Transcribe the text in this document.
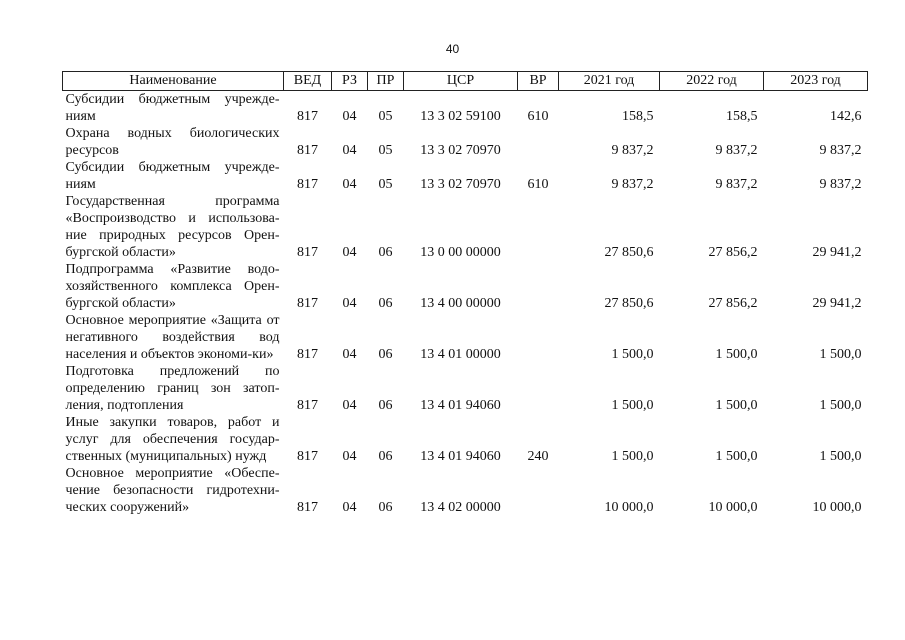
40
Наименование	ВЕД	РЗ	ПР	ЦСР	ВР	2021 год	2022 год	2023 год
Субсидии бюджетным учрежде-ниям	817	04	05	13 3 02 59100	610	158,5	158,5	142,6
Охрана водных биологических ресурсов	817	04	05	13 3 02 70970		9 837,2	9 837,2	9 837,2
Субсидии бюджетным учрежде-ниям	817	04	05	13 3 02 70970	610	9 837,2	9 837,2	9 837,2
Государственная программа «Воспроизводство и использова-ние природных ресурсов Орен-бургской области»	817	04	06	13 0 00 00000		27 850,6	27 856,2	29 941,2
Подпрограмма «Развитие водо-хозяйственного комплекса Орен-бургской области»	817	04	06	13 4 00 00000		27 850,6	27 856,2	29 941,2
Основное мероприятие «Защита от негативного воздействия вод населения и объектов экономи-ки»	817	04	06	13 4 01 00000		1 500,0	1 500,0	1 500,0
Подготовка предложений по определению границ зон затоп-ления, подтопления	817	04	06	13 4 01 94060		1 500,0	1 500,0	1 500,0
Иные закупки товаров, работ и услуг для обеспечения государ-ственных (муниципальных) нужд	817	04	06	13 4 01 94060	240	1 500,0	1 500,0	1 500,0
Основное мероприятие «Обеспе-чение безопасности гидротехни-ческих сооружений»	817	04	06	13 4 02 00000		10 000,0	10 000,0	10 000,0
